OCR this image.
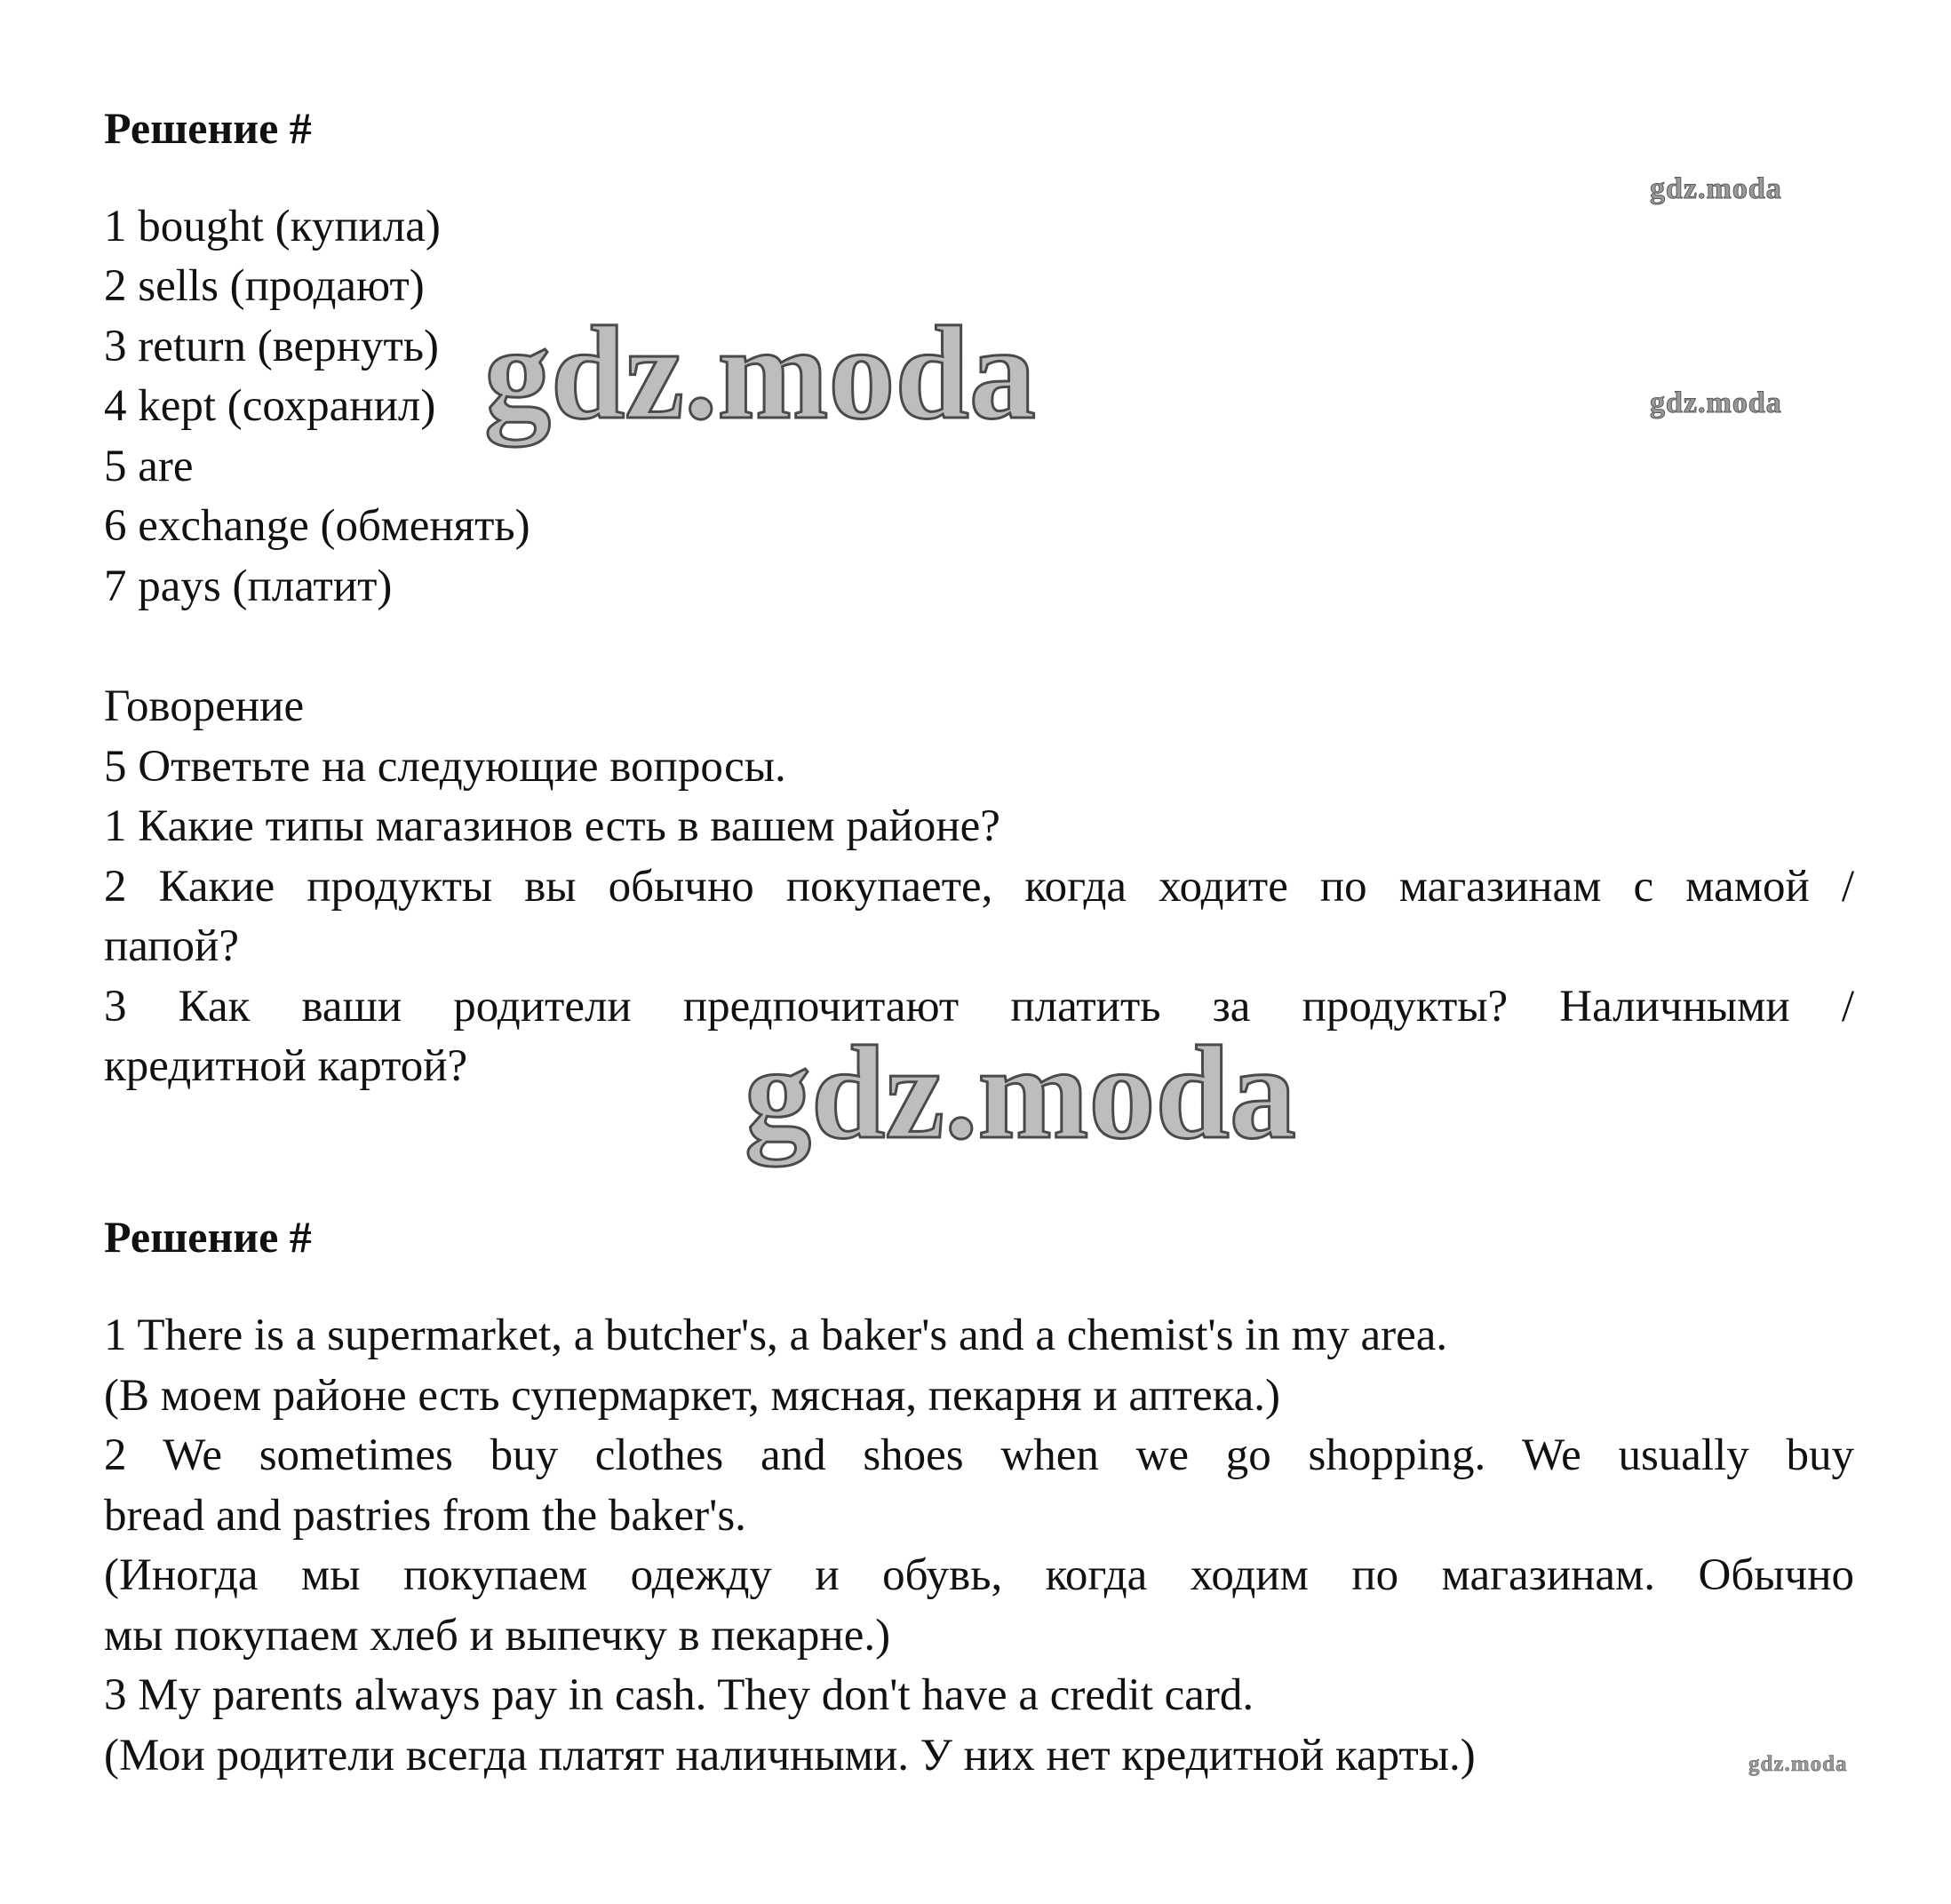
Решение #
1 bought (купила)
2 sells (продают)
3 return (вернуть)
4 kept (сохранил)
5 are
6 exchange (обменять)
7 pays (платит)
Говорение
5 Ответьте на следующие вопросы.
1 Какие типы магазинов есть в вашем районе?
2 Какие продукты вы обычно покупаете, когда ходите по магазинам с мамой /
папой?
3 Как ваши родители предпочитают платить за продукты? Наличными /
кредитной картой?
Решение #
1 There is a supermarket, a butcher's, a baker's and a chemist's in my area.
(В моем районе есть супермаркет, мясная, пекарня и аптека.)
2 We sometimes buy clothes and shoes when we go shopping. We usually buy
bread and pastries from the baker's.
(Иногда мы покупаем одежду и обувь, когда ходим по магазинам. Обычно
мы покупаем хлеб и выпечку в пекарне.)
3 My parents always pay in cash. They don't have a credit card.
(Мои родители всегда платят наличными. У них нет кредитной карты.)
gdz.moda
gdz.moda	gdz.moda
gdz.moda
gdz.moda
